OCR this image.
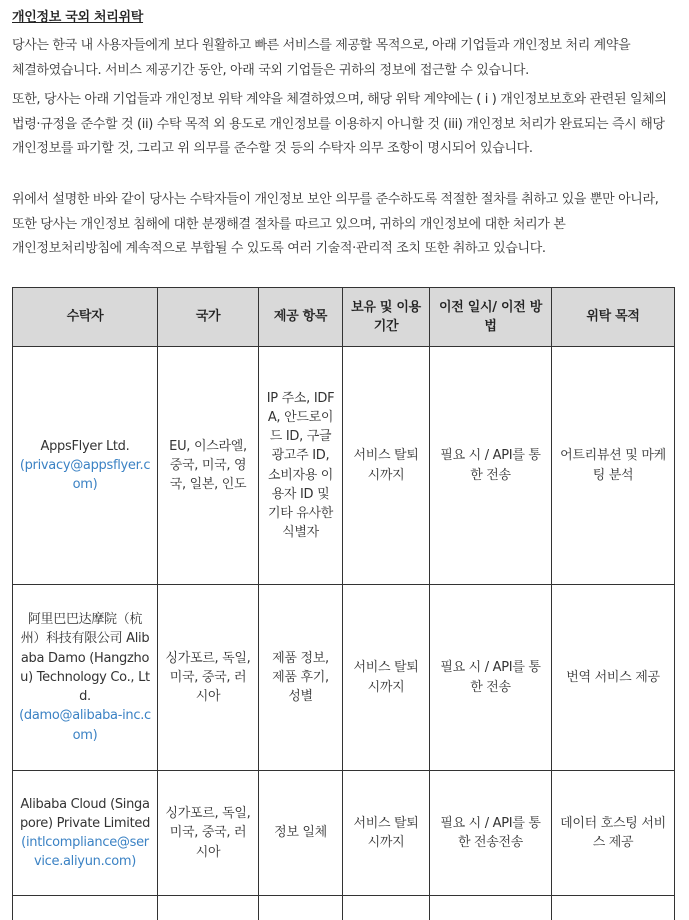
개인정보 국외 처리위탁
당사는 한국 내 사용자들에게 보다 원활하고 빠른 서비스를 제공할 목적으로, 아래 기업들과 개인정보 처리 계약을 체결하였습니다. 서비스 제공기간 동안, 아래 국외 기업들은 귀하의 정보에 접근할 수 있습니다.
또한, 당사는 아래 기업들과 개인정보 위탁 계약을 체결하였으며, 해당 위탁 계약에는 ( i ) 개인정보보호와 관련된 일체의 법령·규정을 준수할 것 (ii) 수탁 목적 외 용도로 개인정보를 이용하지 아니할 것 (iii) 개인정보 처리가 완료되는 즉시 해당 개인정보를 파기할 것, 그리고 위 의무를 준수할 것 등의 수탁자 의무 조항이 명시되어 있습니다.
위에서 설명한 바와 같이 당사는 수탁자들이 개인정보 보안 의무를 준수하도록 적절한 절차를 취하고 있을 뿐만 아니라, 또한 당사는 개인정보 침해에 대한 분쟁해결 절차를 따르고 있으며, 귀하의 개인정보에 대한 처리가 본 개인정보처리방침에 계속적으로 부합될 수 있도록 여러 기술적·관리적 조치 또한 취하고 있습니다.
수탁자	국가	제공 항목	보유 및 이용기간	이전 일시/ 이전 방법	위탁 목적

AppsFlyer Ltd.
(privacy@appsflyer.com)	EU, 이스라엘, 중국, 미국, 영국, 일본, 인도	IP 주소, IDFA, 안드로이드 ID, 구글 광고주 ID, 소비자용 이용자 ID 및 기타 유사한 식별자	서비스 탈퇴 시까지	필요 시 / API를 통한 전송	어트리뷰션 및 마케팅 분석

阿里巴巴达摩院（杭州）科技有限公司 Alibaba Damo (Hangzhou) Technology Co., Ltd.
(damo@alibaba-inc.com)	싱가포르, 독일, 미국, 중국, 러시아	제품 정보, 제품 후기, 성별	서비스 탈퇴 시까지	필요 시 / API를 통한 전송	번역 서비스 제공

Alibaba Cloud (Singapore) Private Limited
(intlcompliance@service.aliyun.com)	싱가포르, 독일, 미국, 중국, 러시아	정보 일체	서비스 탈퇴 시까지	필요 시 / API를 통한 전송전송	데이터 호스팅 서비스 제공
